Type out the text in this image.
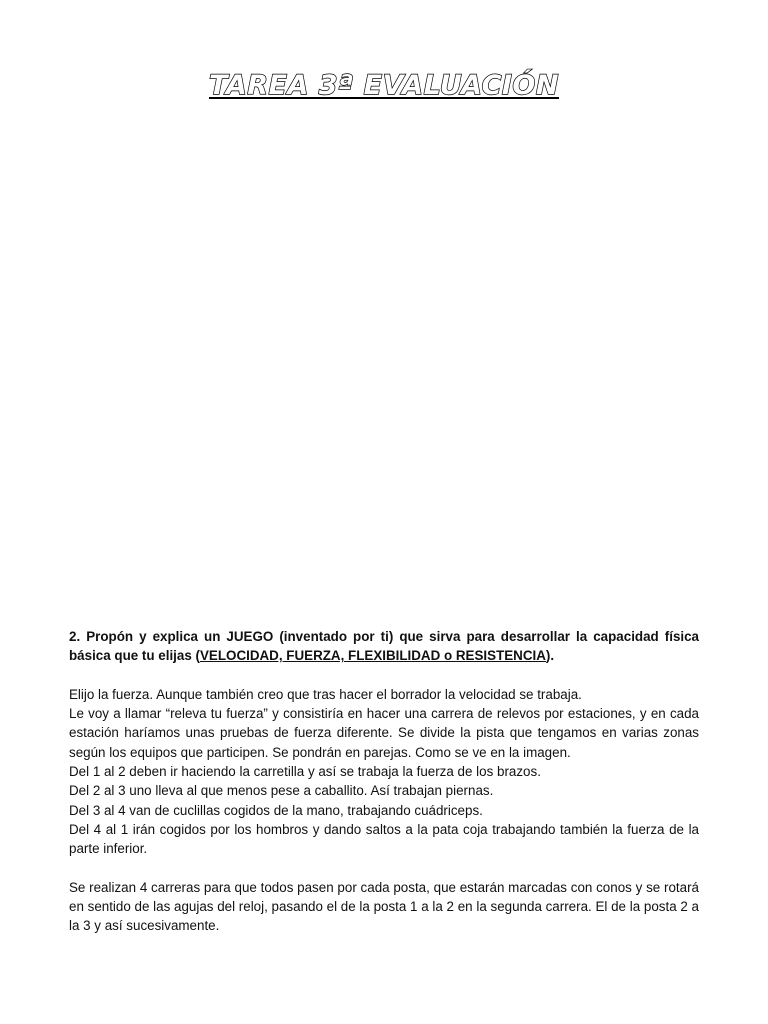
TAREA 3ª EVALUACIÓN

2. Propón y explica un JUEGO (inventado por ti) que sirva para desarrollar la capacidad física básica que tu elijas (VELOCIDAD, FUERZA, FLEXIBILIDAD o RESISTENCIA).

Elijo la fuerza. Aunque también creo que tras hacer el borrador la velocidad se trabaja.

Le voy a llamar “releva tu fuerza” y consistiría en hacer una carrera de relevos por estaciones, y en cada estación haríamos unas pruebas de fuerza diferente. Se divide la pista que tengamos en varias zonas según los equipos que participen. Se pondrán en parejas. Como se ve en la imagen.

Del 1 al 2 deben ir haciendo la carretilla y así se trabaja la fuerza de los brazos.

Del 2 al 3 uno lleva al que menos pese a caballito. Así trabajan piernas.

Del 3 al 4 van de cuclillas cogidos de la mano, trabajando cuádriceps.

Del 4 al 1 irán cogidos por los hombros y dando saltos a la pata coja trabajando también la fuerza de la parte inferior.

Se realizan 4 carreras para que todos pasen por cada posta, que estarán marcadas con conos y se rotará en sentido de las agujas del reloj, pasando el de la posta 1 a la 2 en la segunda carrera. El de la posta 2 a la 3 y así sucesivamente.
